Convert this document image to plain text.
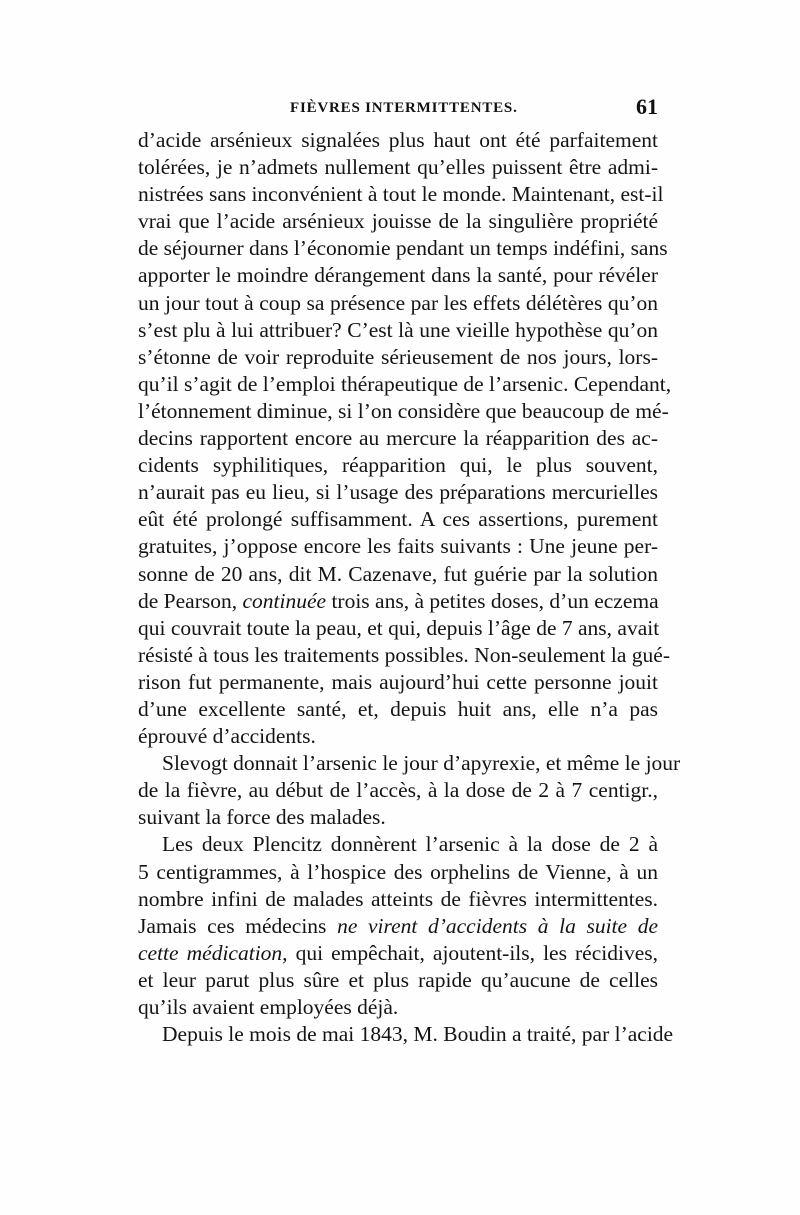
FIÈVRES INTERMITTENTES.	61
d’acide arsénieux signalées plus haut ont été parfaitement
tolérées, je n’admets nullement qu’elles puissent être admi-
nistrées sans inconvénient à tout le monde. Maintenant, est-il
vrai que l’acide arsénieux jouisse de la singulière propriété
de séjourner dans l’économie pendant un temps indéfini, sans
apporter le moindre dérangement dans la santé, pour révéler
un jour tout à coup sa présence par les effets délétères qu’on
s’est plu à lui attribuer? C’est là une vieille hypothèse qu’on
s’étonne de voir reproduite sérieusement de nos jours, lors-
qu’il s’agit de l’emploi thérapeutique de l’arsenic. Cependant,
l’étonnement diminue, si l’on considère que beaucoup de mé-
decins rapportent encore au mercure la réapparition des ac-
cidents syphilitiques, réapparition qui, le plus souvent,
n’aurait pas eu lieu, si l’usage des préparations mercurielles
eût été prolongé suffisamment. A ces assertions, purement
gratuites, j’oppose encore les faits suivants : Une jeune per-
sonne de 20 ans, dit M. Cazenave, fut guérie par la solution
de Pearson, continuée trois ans, à petites doses, d’un eczema
qui couvrait toute la peau, et qui, depuis l’âge de 7 ans, avait
résisté à tous les traitements possibles. Non-seulement la gué-
rison fut permanente, mais aujourd’hui cette personne jouit
d’une excellente santé, et, depuis huit ans, elle n’a pas
éprouvé d’accidents.
Slevogt donnait l’arsenic le jour d’apyrexie, et même le jour
de la fièvre, au début de l’accès, à la dose de 2 à 7 centigr.,
suivant la force des malades.
Les deux Plencitz donnèrent l’arsenic à la dose de 2 à
5 centigrammes, à l’hospice des orphelins de Vienne, à un
nombre infini de malades atteints de fièvres intermittentes.
Jamais ces médecins ne virent d’accidents à la suite de
cette médication, qui empêchait, ajoutent-ils, les récidives,
et leur parut plus sûre et plus rapide qu’aucune de celles
qu’ils avaient employées déjà.
Depuis le mois de mai 1843, M. Boudin a traité, par l’acide
